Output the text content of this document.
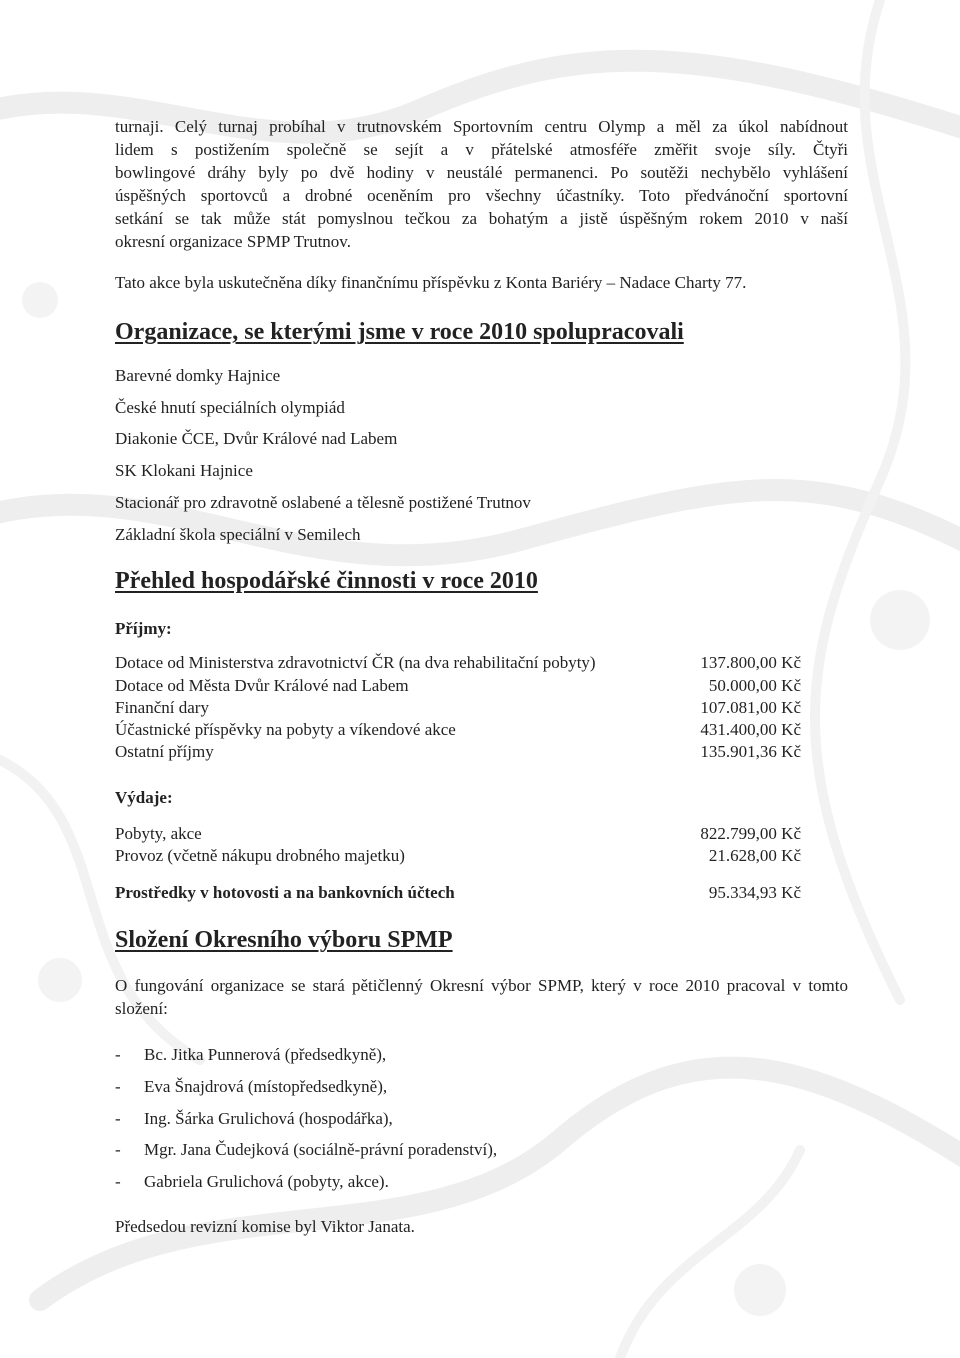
turnaji. Celý turnaj probíhal v trutnovském Sportovním centru Olymp a měl za úkol nabídnout
lidem s postižením společně se sejít a v přátelské atmosféře změřit svoje síly. Čtyři
bowlingové dráhy byly po dvě hodiny v neustálé permanenci. Po soutěži nechybělo vyhlášení
úspěšných sportovců a drobné oceněním pro všechny účastníky. Toto předvánoční sportovní
setkání se tak může stát pomyslnou tečkou za bohatým a jistě úspěšným rokem 2010 v naší
okresní organizace SPMP Trutnov.
Tato akce byla uskutečněna díky finančnímu příspěvku z Konta Bariéry – Nadace Charty 77.
Organizace, se kterými jsme v roce 2010 spolupracovali
Barevné domky Hajnice
České hnutí speciálních olympiád
Diakonie ČCE, Dvůr Králové nad Labem
SK Klokani Hajnice
Stacionář pro zdravotně oslabené a tělesně postižené Trutnov
Základní škola speciální v Semilech
Přehled hospodářské činnosti v roce 2010
Příjmy:
Dotace od Ministerstva zdravotnictví ČR (na dva rehabilitační pobyty)	137.800,00 Kč
Dotace od Města Dvůr Králové nad Labem	50.000,00 Kč
Finanční dary	107.081,00 Kč
Účastnické příspěvky na pobyty a víkendové akce	431.400,00 Kč
Ostatní příjmy	135.901,36 Kč
Výdaje:
Pobyty, akce	822.799,00 Kč
Provoz (včetně nákupu drobného majetku)	21.628,00 Kč
Prostředky v hotovosti a na bankovních účtech	95.334,93 Kč
Složení Okresního výboru SPMP

O fungování organizace se stará pětičlenný Okresní výbor SPMP, který v roce 2010 pracoval v tomto složení:

- Bc. Jitka Punnerová (předsedkyně),
- Eva Šnajdrová (místopředsedkyně),
- Ing. Šárka Grulichová (hospodářka),
- Mgr. Jana Čudejková (sociálně-právní poradenství),
- Gabriela Grulichová (pobyty, akce).
Předsedou revizní komise byl Viktor Janata.
